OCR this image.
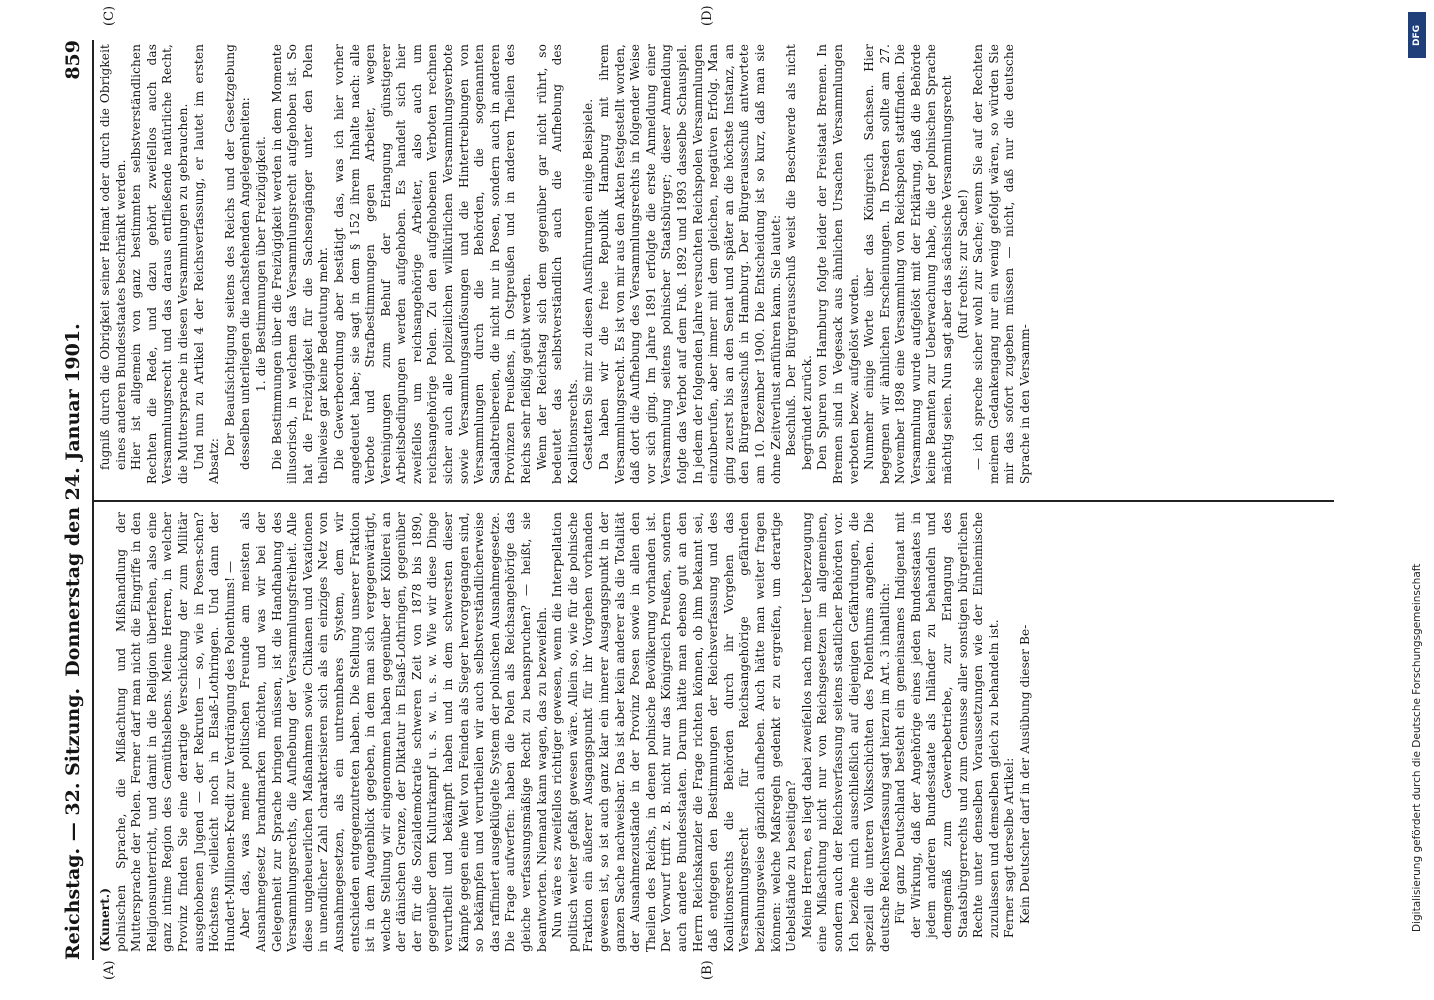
Reichstag. — 32. Sitzung.
Donnerstag den 24. Januar 1901.
859
(A)	(B)
(C)	(D)

(Kunert.) polnischen Sprache, die Mißachtung und Mißhandlung der Muttersprache der Polen. Ferner darf man nicht die Eingriffe in den Religionsunterricht, und damit in die Religion überfehen, also eine ganz intime Region des Gemüthslebens. Meine Herren, in welcher Provinz finden Sie eine derartige Verschickung der zum Militär ausgehobenen Jugend — der Rekruten — so, wie in Posen-schen? Höchstens vielleicht noch in Elsaß-Lothringen. Und dann der Hundert-Millionen-Kredit zur Verdrängung des Polenthums! — Aber das, was meine politischen Freunde am meisten als Ausnahmegesetz brandmarken möchten, und was wir bei der Gelegenheit zur Sprache bringen müssen, ist die Handhabung des Versammlungsrechts, die Aufhebung der Versammlungsfreiheit. Alle diese ungeheuerlichen Maßnahmen sowie Chikanen und Vexationen in unendlicher Zahl charakterisieren sich als ein einziges Netz von Ausnahmegesetzen, als ein untrennbares System, dem wir entschieden entgegenzutreten haben. Die Stellung unserer Fraktion ist in dem Augenblick gegeben, in dem man sich vergegenwärtigt, welche Stellung wir eingenommen haben gegenüber der Köllerei an der dänischen Grenze, der Diktatur in Elsaß-Lothringen, gegenüber der für die Sozialdemokratie schweren Zeit von 1878 bis 1890, gegenüber dem Kulturkampf u. s. w. u. s. w. Wie wir diese Dinge verurtheilt und bekämpft haben und in dem schwersten dieser Kämpfe gegen eine Welt von Feinden als Sieger hervorgegangen sind, so bekämpfen und verurtheilen wir auch selbstverständlicherweise das raffiniert ausgeklügelte System der polnischen Ausnahmegesetze. Die Frage aufwerfen: haben die Polen als Reichsangehörige das gleiche verfassungsmäßige Recht zu beanspruchen? — heißt, sie beantworten. Niemand kann wagen, das zu bezweifeln. Nun wäre es zweifellos richtiger gewesen, wenn die Interpellation politisch weiter gefaßt gewesen wäre. Allein so, wie für die polnische Fraktion ein äußerer Ausgangspunkt für ihr Vorgehen vorhanden gewesen ist, so ist auch ganz klar ein innerer Ausgangspunkt in der ganzen Sache nachweisbar. Das ist aber kein anderer als die Totalität der Ausnahmezustände in der Provinz Posen sowie in allen den Theilen des Reichs, in denen polnische Bevölkerung vorhanden ist. Der Vorwurf trifft z. B. nicht nur das Königreich Preußen, sondern auch andere Bundesstaaten. Darum hätte man ebenso gut an den Herrn Reichskanzler die Frage richten können, ob ihm bekannt sei, daß entgegen den Bestimmungen der Reichsverfassung und des Koalitionsrechts die Behörden durch ihr Vorgehen das Versammlungsrecht für Reichsangehörige gefährden beziehungsweise gänzlich aufheben. Auch hätte man weiter fragen können: welche Maßregeln gedenkt er zu ergreifen, um derartige Uebelstände zu beseitigen? Meine Herren, es liegt dabei zweifellos nach meiner Ueberzeugung eine Mißachtung nicht nur von Reichsgesetzen im allgemeinen, sondern auch der Reichsverfassung seitens staatlicher Behörden vor. Ich beziehe mich ausschließlich auf diejenigen Gefährdungen, die speziell die unteren Volksschichten des Polenthums angehen. Die deutsche Reichsverfassung sagt hierzu im Art. 3 inhaltlich: Für ganz Deutschland besteht ein gemeinsames Indigenat mit der Wirkung, daß der Angehörige eines jeden Bundesstaates in jedem anderen Bundesstaate als Inländer zu behandeln und demgemäß zum Gewerbebetriebe, zur Erlangung des Staatsbürgerrechts und zum Genusse aller sonstigen bürgerlichen Rechte unter denselben Voraussetzungen wie der Einheimische zuzulassen und demselben gleich zu behandeln ist. Ferner sagt derselbe Artikel: Kein Deutscher darf in der Ausübung dieser Be-

fugniß durch die Obrigkeit seiner Heimat oder durch die Obrigkeit eines anderen Bundesstaates beschränkt werden. Hier ist allgemein von ganz bestimmten selbstverständlichen Rechten die Rede, und dazu gehört zweifellos auch das Versammlungsrecht und das daraus entfließende natürliche Recht, die Muttersprache in diesen Versammlungen zu gebrauchen. Und nun zu Artikel 4 der Reichsverfassung, er lautet im ersten Absatz:

Der Beaufsichtigung seitens des Reichs und der Gesetzgebung desselben unterliegen die nachstehenden Angelegenheiten: 1. die Bestimmungen über Freizügigkeit. Die Bestimmungen über die Freizügigkeit werden in dem Momente illusorisch, in welchem das Versammlungsrecht aufgehoben ist. So hat die Freizügigkeit für die Sachsengänger unter den Polen theilweise gar keine Bedeutung mehr. Die Gewerbeordnung aber bestätigt das, was ich hier vorher angedeutet habe; sie sagt in dem § 152 ihrem Inhalte nach: alle Verbote und Strafbestimmungen gegen Arbeiter, wegen Vereinigungen zum Behuf der Erlangung günstigerer Arbeitsbedingungen werden aufgehoben. Es handelt sich hier zweifellos um reichsangehörige Arbeiter, also auch um reichsangehörige Polen. Zu den aufgehobenen Verboten rechnen sicher auch alle polizeilichen willkürlichen Versammlungsverbote sowie Versammlungsauflösungen und die Hintertreibungen von Versammlungen durch die Behörden, die sogenannten Saalabtreibereien, die nicht nur in Posen, sondern auch in anderen Provinzen Preußens, in Ostpreußen und in anderen Theilen des Reichs sehr fleißig geübt werden. Wenn der Reichstag sich dem gegenüber gar nicht rührt, so bedeutet das selbstverständlich auch die Aufhebung des Koalitionsrechts. Gestatten Sie mir zu diesen Ausführungen einige Beispiele. Da haben wir die freie Republik Hamburg mit ihrem Versammlungsrecht. Es ist von mir aus den Akten festgestellt worden, daß dort die Aufhebung des Versammlungsrechts in folgender Weise vor sich ging. Im Jahre 1891 erfolgte die erste Anmeldung einer Versammlung seitens polnischer Staatsbürger; dieser Anmeldung folgte das Verbot auf dem Fuß. 1892 und 1893 dasselbe Schauspiel. In jedem der folgenden Jahre versuchten Reichspolen Versammlungen einzuberufen, aber immer mit dem gleichen, negativen Erfolg. Man ging zuerst bis an den Senat und später an die höchste Instanz, an den Bürgerausschuß in Hamburg. Der Bürgerausschuß antwortete am 10. Dezember 1900. Die Entscheidung ist so kurz, daß man sie ohne Zeitverlust anführen kann. Sie lautet: Beschluß. Der Bürgerausschuß weist die Beschwerde als nicht begründet zurück. Den Spuren von Hamburg folgte leider der Freistaat Bremen. In Bremen sind in Vegesack aus ähnlichen Ursachen Versammlungen verboten bezw. aufgelöst worden. Nunmehr einige Worte über das Königreich Sachsen. Hier begegnen wir ähnlichen Erscheinungen. In Dresden sollte am 27. November 1898 eine Versammlung von Reichspolen stattfinden. Die Versammlung wurde aufgelöst mit der Erklärung, daß die Behörde keine Beamten zur Ueberwachung habe, die der polnischen Sprache mächtig seien. Nun sagt aber das sächsische Versammlungsrecht (Ruf rechts: zur Sache!) — ich spreche sicher wohl zur Sache; wenn Sie auf der Rechten meinem Gedankengang nur ein wenig gefolgt wären, so würden Sie mir das sofort zugeben müssen — nicht, daß nur die deutsche Sprache in den Versamm-

DFG
Digitalisierung gefördert durch die Deutsche Forschungsgemeinschaft
